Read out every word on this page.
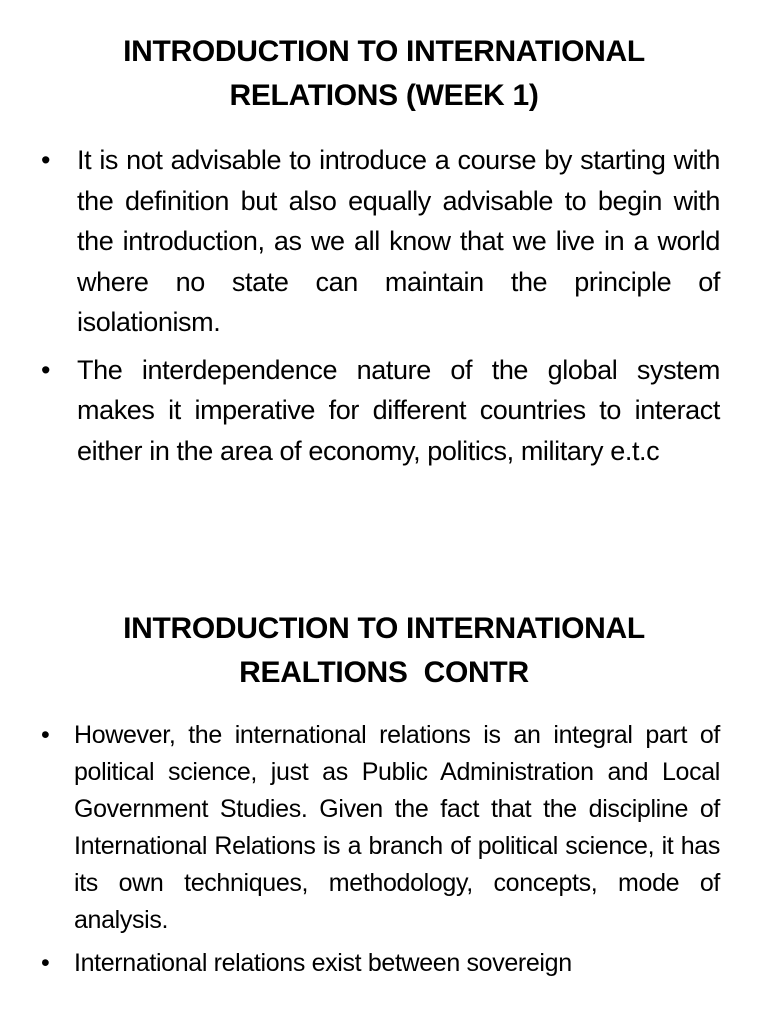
INTRODUCTION TO INTERNATIONAL
RELATIONS (WEEK 1)
• It is not advisable to introduce a course by starting with the definition but also equally advisable to begin with the introduction, as we all know that we live in a world where no state can maintain the principle of isolationism.
• The interdependence nature of the global system makes it imperative for different countries to interact either in the area of economy, politics, military e.t.c
INTRODUCTION TO INTERNATIONAL
REALTIONS  CONTR
• However, the international relations is an integral part of political science, just as Public Administration and Local Government Studies. Given the fact that the discipline of International Relations is a branch of political science, it has its own techniques, methodology, concepts, mode of analysis.
• International relations exist between sovereign
